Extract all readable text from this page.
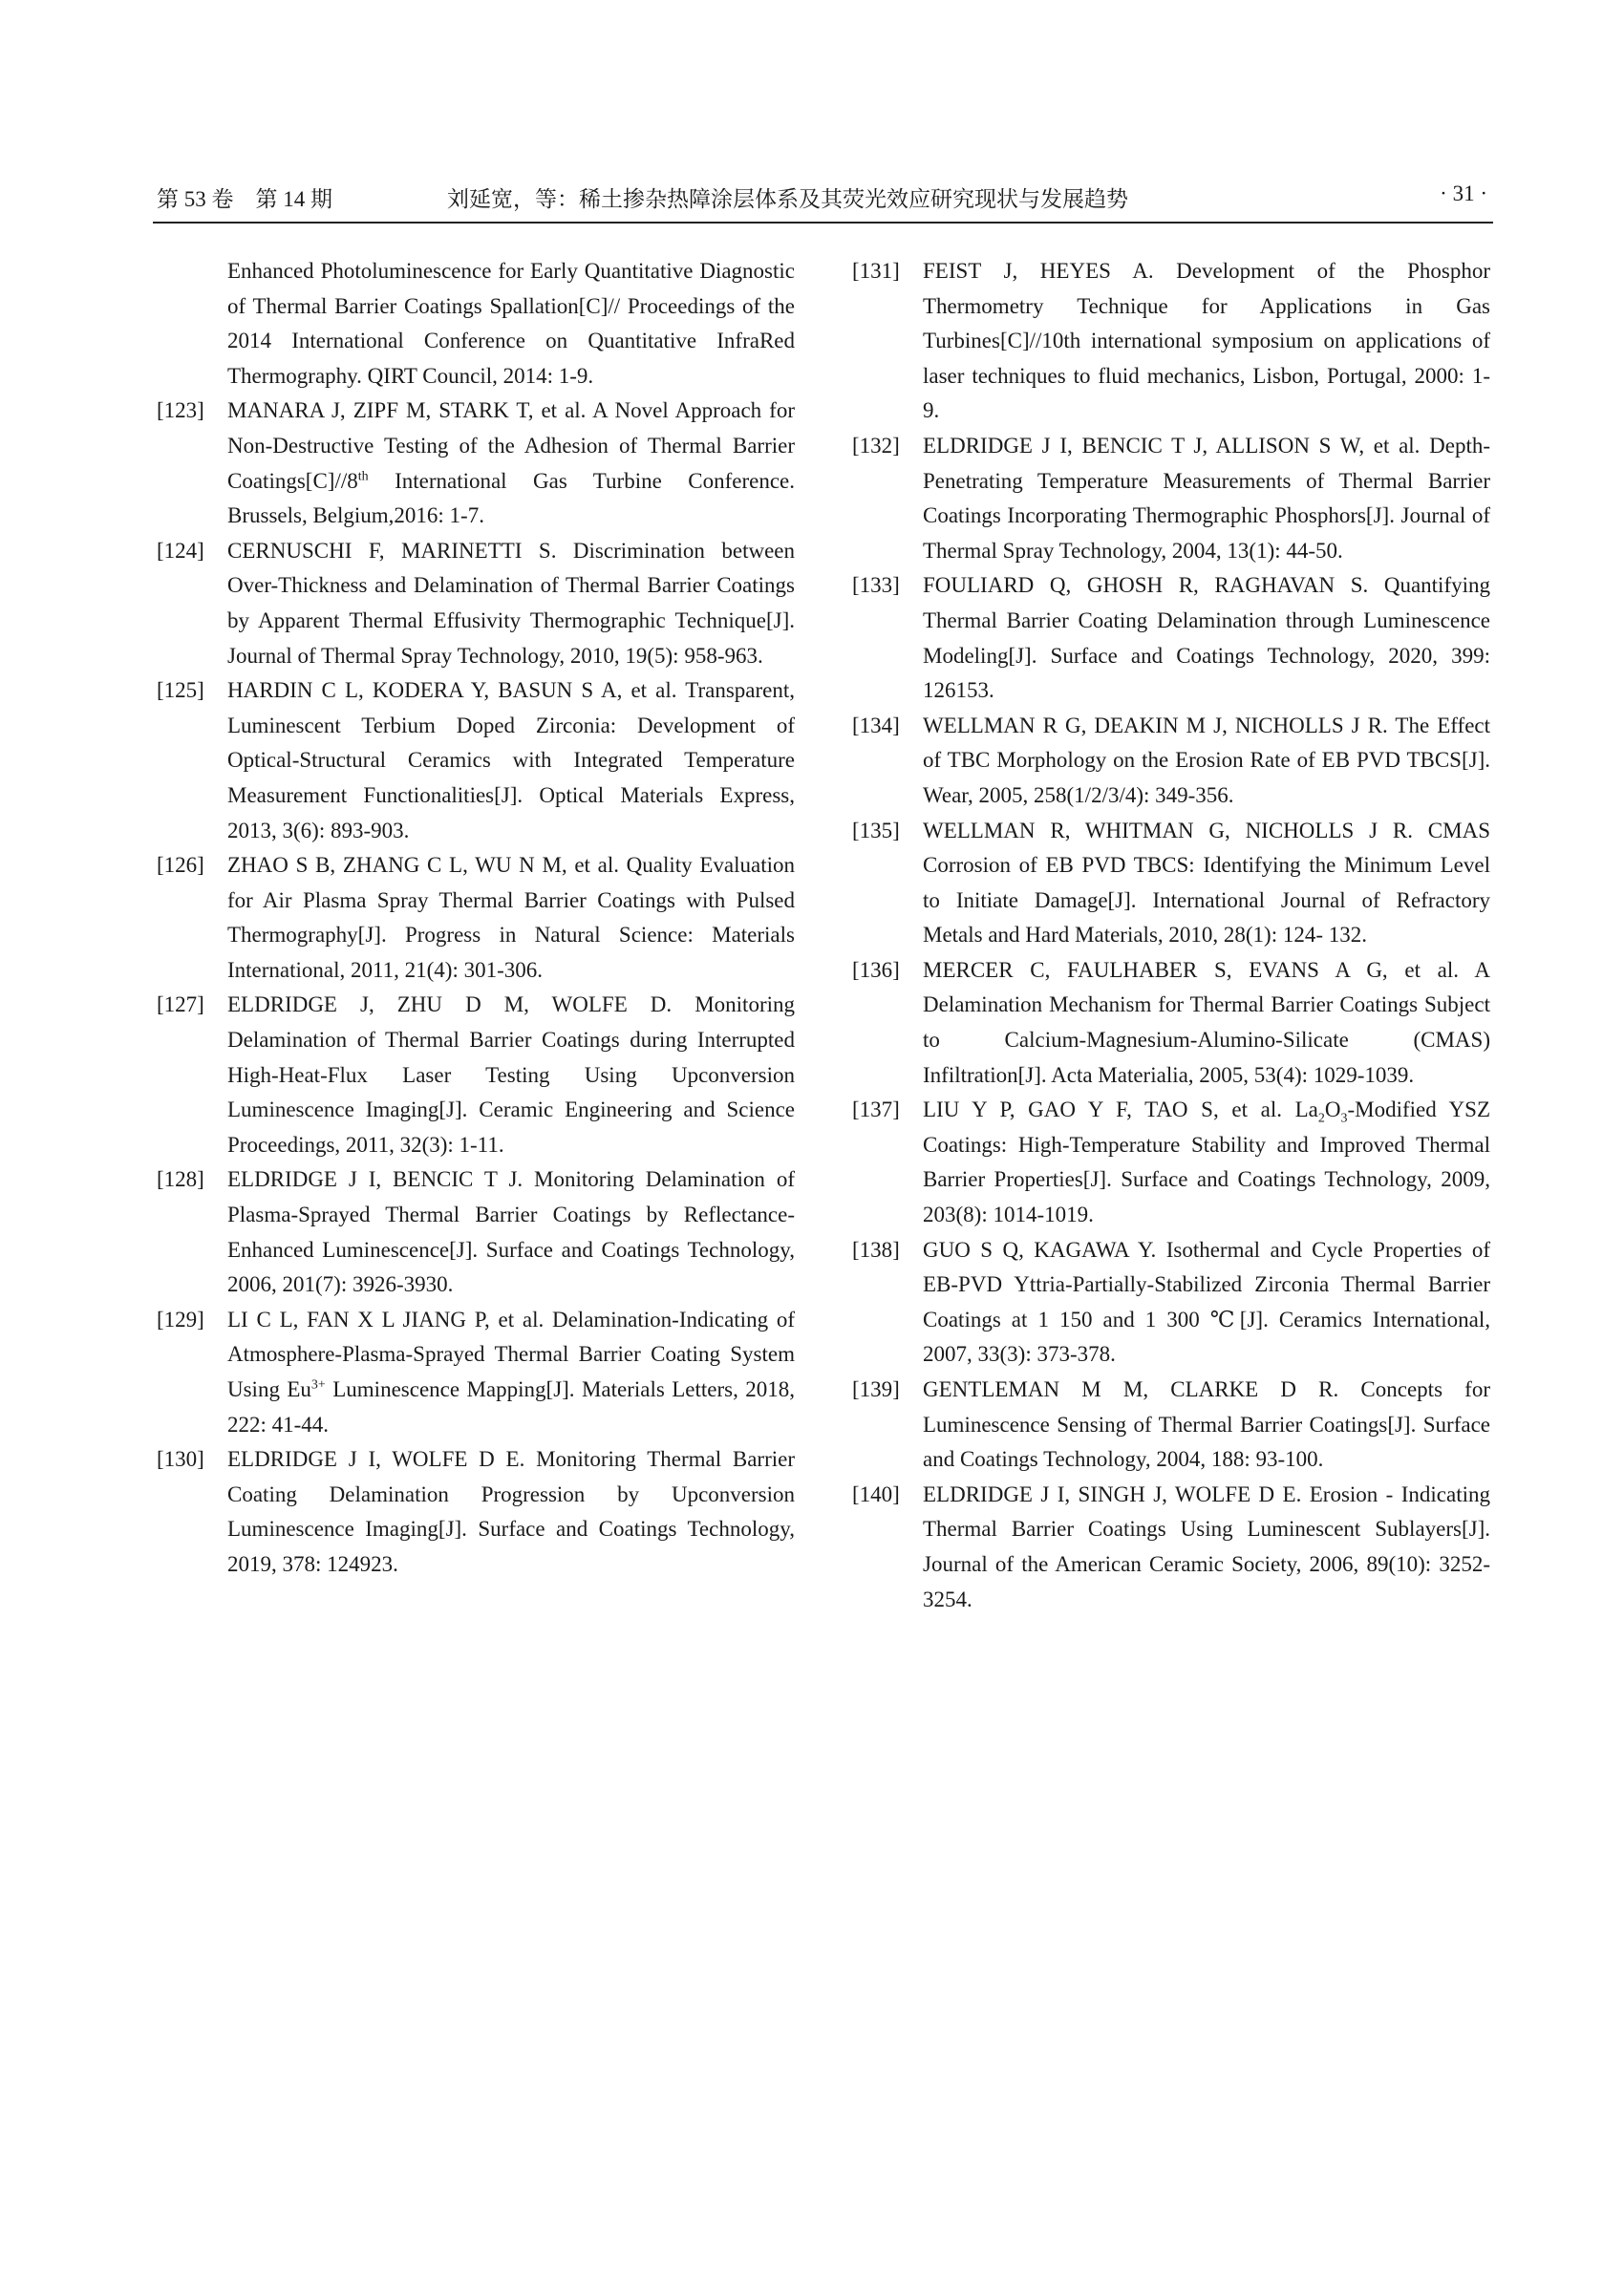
第 53 卷　第 14 期	刘延宽，等：稀土掺杂热障涂层体系及其荧光效应研究现状与发展趋势	· 31 ·

Enhanced Photoluminescence for Early Quantitative Diagnostic of Thermal Barrier Coatings Spallation[C]// Proceedings of the 2014 International Conference on Quantitative InfraRed Thermography. QIRT Council, 2014: 1-9.

[123] MANARA J, ZIPF M, STARK T, et al. A Novel Approach for Non-Destructive Testing of the Adhesion of Thermal Barrier Coatings[C]//8th International Gas Turbine Conference. Brussels, Belgium,2016: 1-7.

[124] CERNUSCHI F, MARINETTI S. Discrimination between Over-Thickness and Delamination of Thermal Barrier Coatings by Apparent Thermal Effusivity Thermographic Technique[J]. Journal of Thermal Spray Technology, 2010, 19(5): 958-963.

[125] HARDIN C L, KODERA Y, BASUN S A, et al. Transparent, Luminescent Terbium Doped Zirconia: Development of Optical-Structural Ceramics with Integrated Temperature Measurement Functionalities[J]. Optical Materials Express, 2013, 3(6): 893-903.

[126] ZHAO S B, ZHANG C L, WU N M, et al. Quality Evaluation for Air Plasma Spray Thermal Barrier Coatings with Pulsed Thermography[J]. Progress in Natural Science: Materials International, 2011, 21(4): 301-306.

[127] ELDRIDGE J, ZHU D M, WOLFE D. Monitoring Delamination of Thermal Barrier Coatings during Interrupted High-Heat-Flux Laser Testing Using Upconversion Luminescence Imaging[J]. Ceramic Engineering and Science Proceedings, 2011, 32(3): 1-11.

[128] ELDRIDGE J I, BENCIC T J. Monitoring Delamination of Plasma-Sprayed Thermal Barrier Coatings by Reflectance-Enhanced Luminescence[J]. Surface and Coatings Technology, 2006, 201(7): 3926-3930.

[129] LI C L, FAN X L JIANG P, et al. Delamination-Indicating of Atmosphere-Plasma-Sprayed Thermal Barrier Coating System Using $Eu^{3+}$ Luminescence Mapping[J]. Materials Letters, 2018, 222: 41-44.

[130] ELDRIDGE J I, WOLFE D E. Monitoring Thermal Barrier Coating Delamination Progression by Upconversion Luminescence Imaging[J]. Surface and Coatings Technology, 2019, 378: 124923.

[131] FEIST J, HEYES A. Development of the Phosphor Thermometry Technique for Applications in Gas Turbines[C]//10th international symposium on applications of laser techniques to fluid mechanics, Lisbon, Portugal, 2000: 1-9.

[132] ELDRIDGE J I, BENCIC T J, ALLISON S W, et al. Depth-Penetrating Temperature Measurements of Thermal Barrier Coatings Incorporating Thermographic Phosphors[J]. Journal of Thermal Spray Technology, 2004, 13(1): 44-50.

[133] FOULIARD Q, GHOSH R, RAGHAVAN S. Quantifying Thermal Barrier Coating Delamination through Luminescence Modeling[J]. Surface and Coatings Technology, 2020, 399: 126153.

[134] WELLMAN R G, DEAKIN M J, NICHOLLS J R. The Effect of TBC Morphology on the Erosion Rate of EB PVD TBCS[J]. Wear, 2005, 258(1/2/3/4): 349-356.

[135] WELLMAN R, WHITMAN G, NICHOLLS J R. CMAS Corrosion of EB PVD TBCS: Identifying the Minimum Level to Initiate Damage[J]. International Journal of Refractory Metals and Hard Materials, 2010, 28(1): 124- 132.

[136] MERCER C, FAULHABER S, EVANS A G, et al. A Delamination Mechanism for Thermal Barrier Coatings Subject to Calcium-Magnesium-Alumino-Silicate (CMAS) Infiltration[J]. Acta Materialia, 2005, 53(4): 1029-1039.

[137] LIU Y P, GAO Y F, TAO S, et al. $La_2O_3$-Modified YSZ Coatings: High-Temperature Stability and Improved Thermal Barrier Properties[J]. Surface and Coatings Technology, 2009, 203(8): 1014-1019.

[138] GUO S Q, KAGAWA Y. Isothermal and Cycle Properties of EB-PVD Yttria-Partially-Stabilized Zirconia Thermal Barrier Coatings at 1 150 and 1 300 ℃[J]. Ceramics International, 2007, 33(3): 373-378.

[139] GENTLEMAN M M, CLARKE D R. Concepts for Luminescence Sensing of Thermal Barrier Coatings[J]. Surface and Coatings Technology, 2004, 188: 93-100.

[140] ELDRIDGE J I, SINGH J, WOLFE D E. Erosion - Indicating Thermal Barrier Coatings Using Luminescent Sublayers[J]. Journal of the American Ceramic Society, 2006, 89(10): 3252-3254.
